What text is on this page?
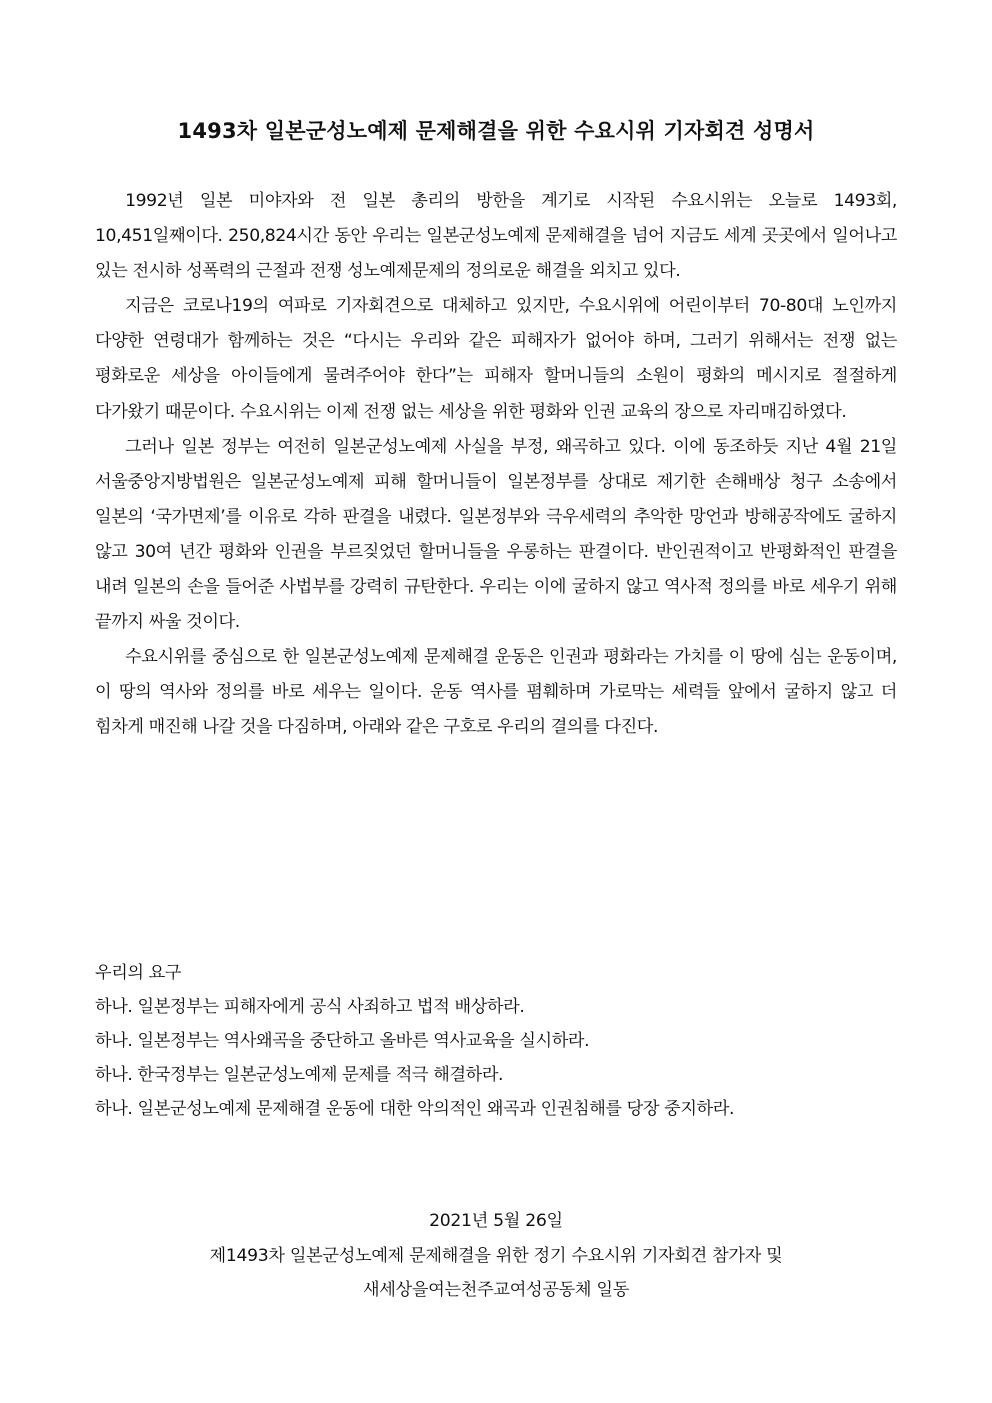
1493차 일본군성노예제 문제해결을 위한 수요시위 기자회견 성명서

1992년 일본 미야자와 전 일본 총리의 방한을 계기로 시작된 수요시위는 오늘로 1493회, 10,451일째이다. 250,824시간 동안 우리는 일본군성노예제 문제해결을 넘어 지금도 세계 곳곳에서 일어나고 있는 전시하 성폭력의 근절과 전쟁 성노예제문제의 정의로운 해결을 외치고 있다.

지금은 코로나19의 여파로 기자회견으로 대체하고 있지만, 수요시위에 어린이부터 70-80대 노인까지 다양한 연령대가 함께하는 것은 “다시는 우리와 같은 피해자가 없어야 하며, 그러기 위해서는 전쟁 없는 평화로운 세상을 아이들에게 물려주어야 한다”는 피해자 할머니들의 소원이 평화의 메시지로 절절하게 다가왔기 때문이다. 수요시위는 이제 전쟁 없는 세상을 위한 평화와 인권 교육의 장으로 자리매김하였다.

그러나 일본 정부는 여전히 일본군성노예제 사실을 부정, 왜곡하고 있다. 이에 동조하듯 지난 4월 21일 서울중앙지방법원은 일본군성노예제 피해 할머니들이 일본정부를 상대로 제기한 손해배상 청구 소송에서 일본의 ‘국가면제’를 이유로 각하 판결을 내렸다. 일본정부와 극우세력의 추악한 망언과 방해공작에도 굴하지 않고 30여 년간 평화와 인권을 부르짖었던 할머니들을 우롱하는 판결이다. 반인권적이고 반평화적인 판결을 내려 일본의 손을 들어준 사법부를 강력히 규탄한다. 우리는 이에 굴하지 않고 역사적 정의를 바로 세우기 위해 끝까지 싸울 것이다.

수요시위를 중심으로 한 일본군성노예제 문제해결 운동은 인권과 평화라는 가치를 이 땅에 심는 운동이며, 이 땅의 역사와 정의를 바로 세우는 일이다. 운동 역사를 폄훼하며 가로막는 세력들 앞에서 굴하지 않고 더 힘차게 매진해 나갈 것을 다짐하며, 아래와 같은 구호로 우리의 결의를 다진다.

우리의 요구
하나. 일본정부는 피해자에게 공식 사죄하고 법적 배상하라.
하나. 일본정부는 역사왜곡을 중단하고 올바른 역사교육을 실시하라.
하나. 한국정부는 일본군성노예제 문제를 적극 해결하라.
하나. 일본군성노예제 문제해결 운동에 대한 악의적인 왜곡과 인권침해를 당장 중지하라.
2021년 5월 26일
제1493차 일본군성노예제 문제해결을 위한 정기 수요시위 기자회견 참가자 및
새세상을여는천주교여성공동체 일동
